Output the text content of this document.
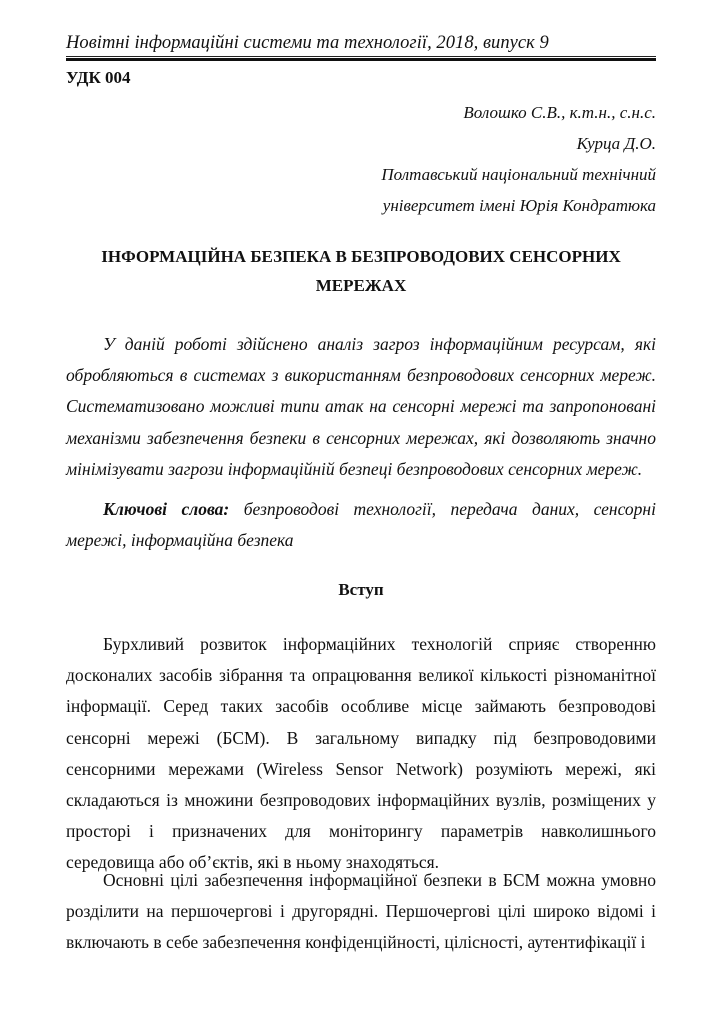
Новітні інформаційні системи та технології, 2018, випуск 9
УДК 004
Волошко С.В., к.т.н., с.н.с.
Курца Д.О.
Полтавський національний технічний
університет імені Юрія Кондратюка
ІНФОРМАЦІЙНА БЕЗПЕКА В БЕЗПРОВОДОВИХ СЕНСОРНИХ
МЕРЕЖАХ

У даній роботі здійснено аналіз загроз інформаційним ресурсам, які обробляються в системах з використанням безпроводових сенсорних мереж. Систематизовано можливі типи атак на сенсорні мережі та запропоновані механізми забезпечення безпеки в сенсорних мережах, які дозволяють значно мінімізувати загрози інформаційній безпеці безпроводових сенсорних мереж.

Ключові слова: безпроводові технології, передача даних, сенсорні мережі, інформаційна безпека

Вступ

Бурхливий розвиток інформаційних технологій сприяє створенню досконалих засобів зібрання та опрацювання великої кількості різноманітної інформації. Серед таких засобів особливе місце займають безпроводові сенсорні мережі (БСМ). В загальному випадку під безпроводовими сенсорними мережами (Wireless Sensor Network) розуміють мережі, які складаються із множини безпроводових інформаційних вузлів, розміщених у просторі і призначених для моніторингу параметрів навколишнього середовища або об’єктів, які в ньому знаходяться.

Основні цілі забезпечення інформаційної безпеки в БСМ можна умовно розділити на першочергові і другорядні. Першочергові цілі широко відомі і включають в себе забезпечення конфіденційності, цілісності, аутентифікації і
